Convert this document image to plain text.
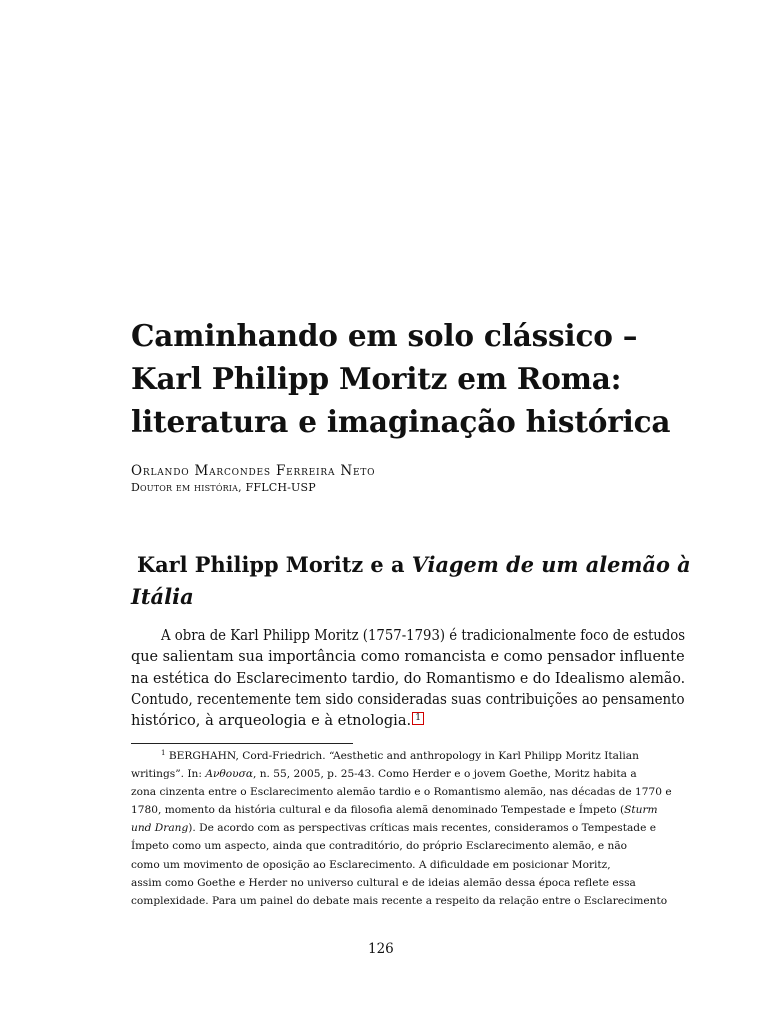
Caminhando em solo clássico –
Karl Philipp Moritz em Roma:
literatura e imaginação histórica
Orlando Marcondes Ferreira Neto
Doutor em história, FFLCH-USP
Karl Philipp Moritz e a Viagem de um alemão à
Itália
A obra de Karl Philipp Moritz (1757-1793) é tradicionalmente foco de estudos
que salientam sua importância como romancista e como pensador influente
na estética do Esclarecimento tardio, do Romantismo e do Idealismo alemão.
Contudo, recentemente tem sido consideradas suas contribuições ao pensamento
histórico, à arqueologia e à etnologia. 1
$^1$ BERGHAHN, Cord-Friedrich. “Aesthetic and anthropology in Karl Philipp Moritz Italian
writings”. In: Ανθουσα, n. 55, 2005, p. 25-43. Como Herder e o jovem Goethe, Moritz habita a
zona cinzenta entre o Esclarecimento alemão tardio e o Romantismo alemão, nas décadas de 1770 e
1780, momento da história cultural e da filosofia alemã denominado Tempestade e Ímpeto (Sturm
und Drang). De acordo com as perspectivas críticas mais recentes, consideramos o Tempestade e
Ímpeto como um aspecto, ainda que contraditório, do próprio Esclarecimento alemão, e não
como um movimento de oposição ao Esclarecimento. A dificuldade em posicionar Moritz,
assim como Goethe e Herder no universo cultural e de ideias alemão dessa época reflete essa
complexidade. Para um painel do debate mais recente a respeito da relação entre o Esclarecimento
126
